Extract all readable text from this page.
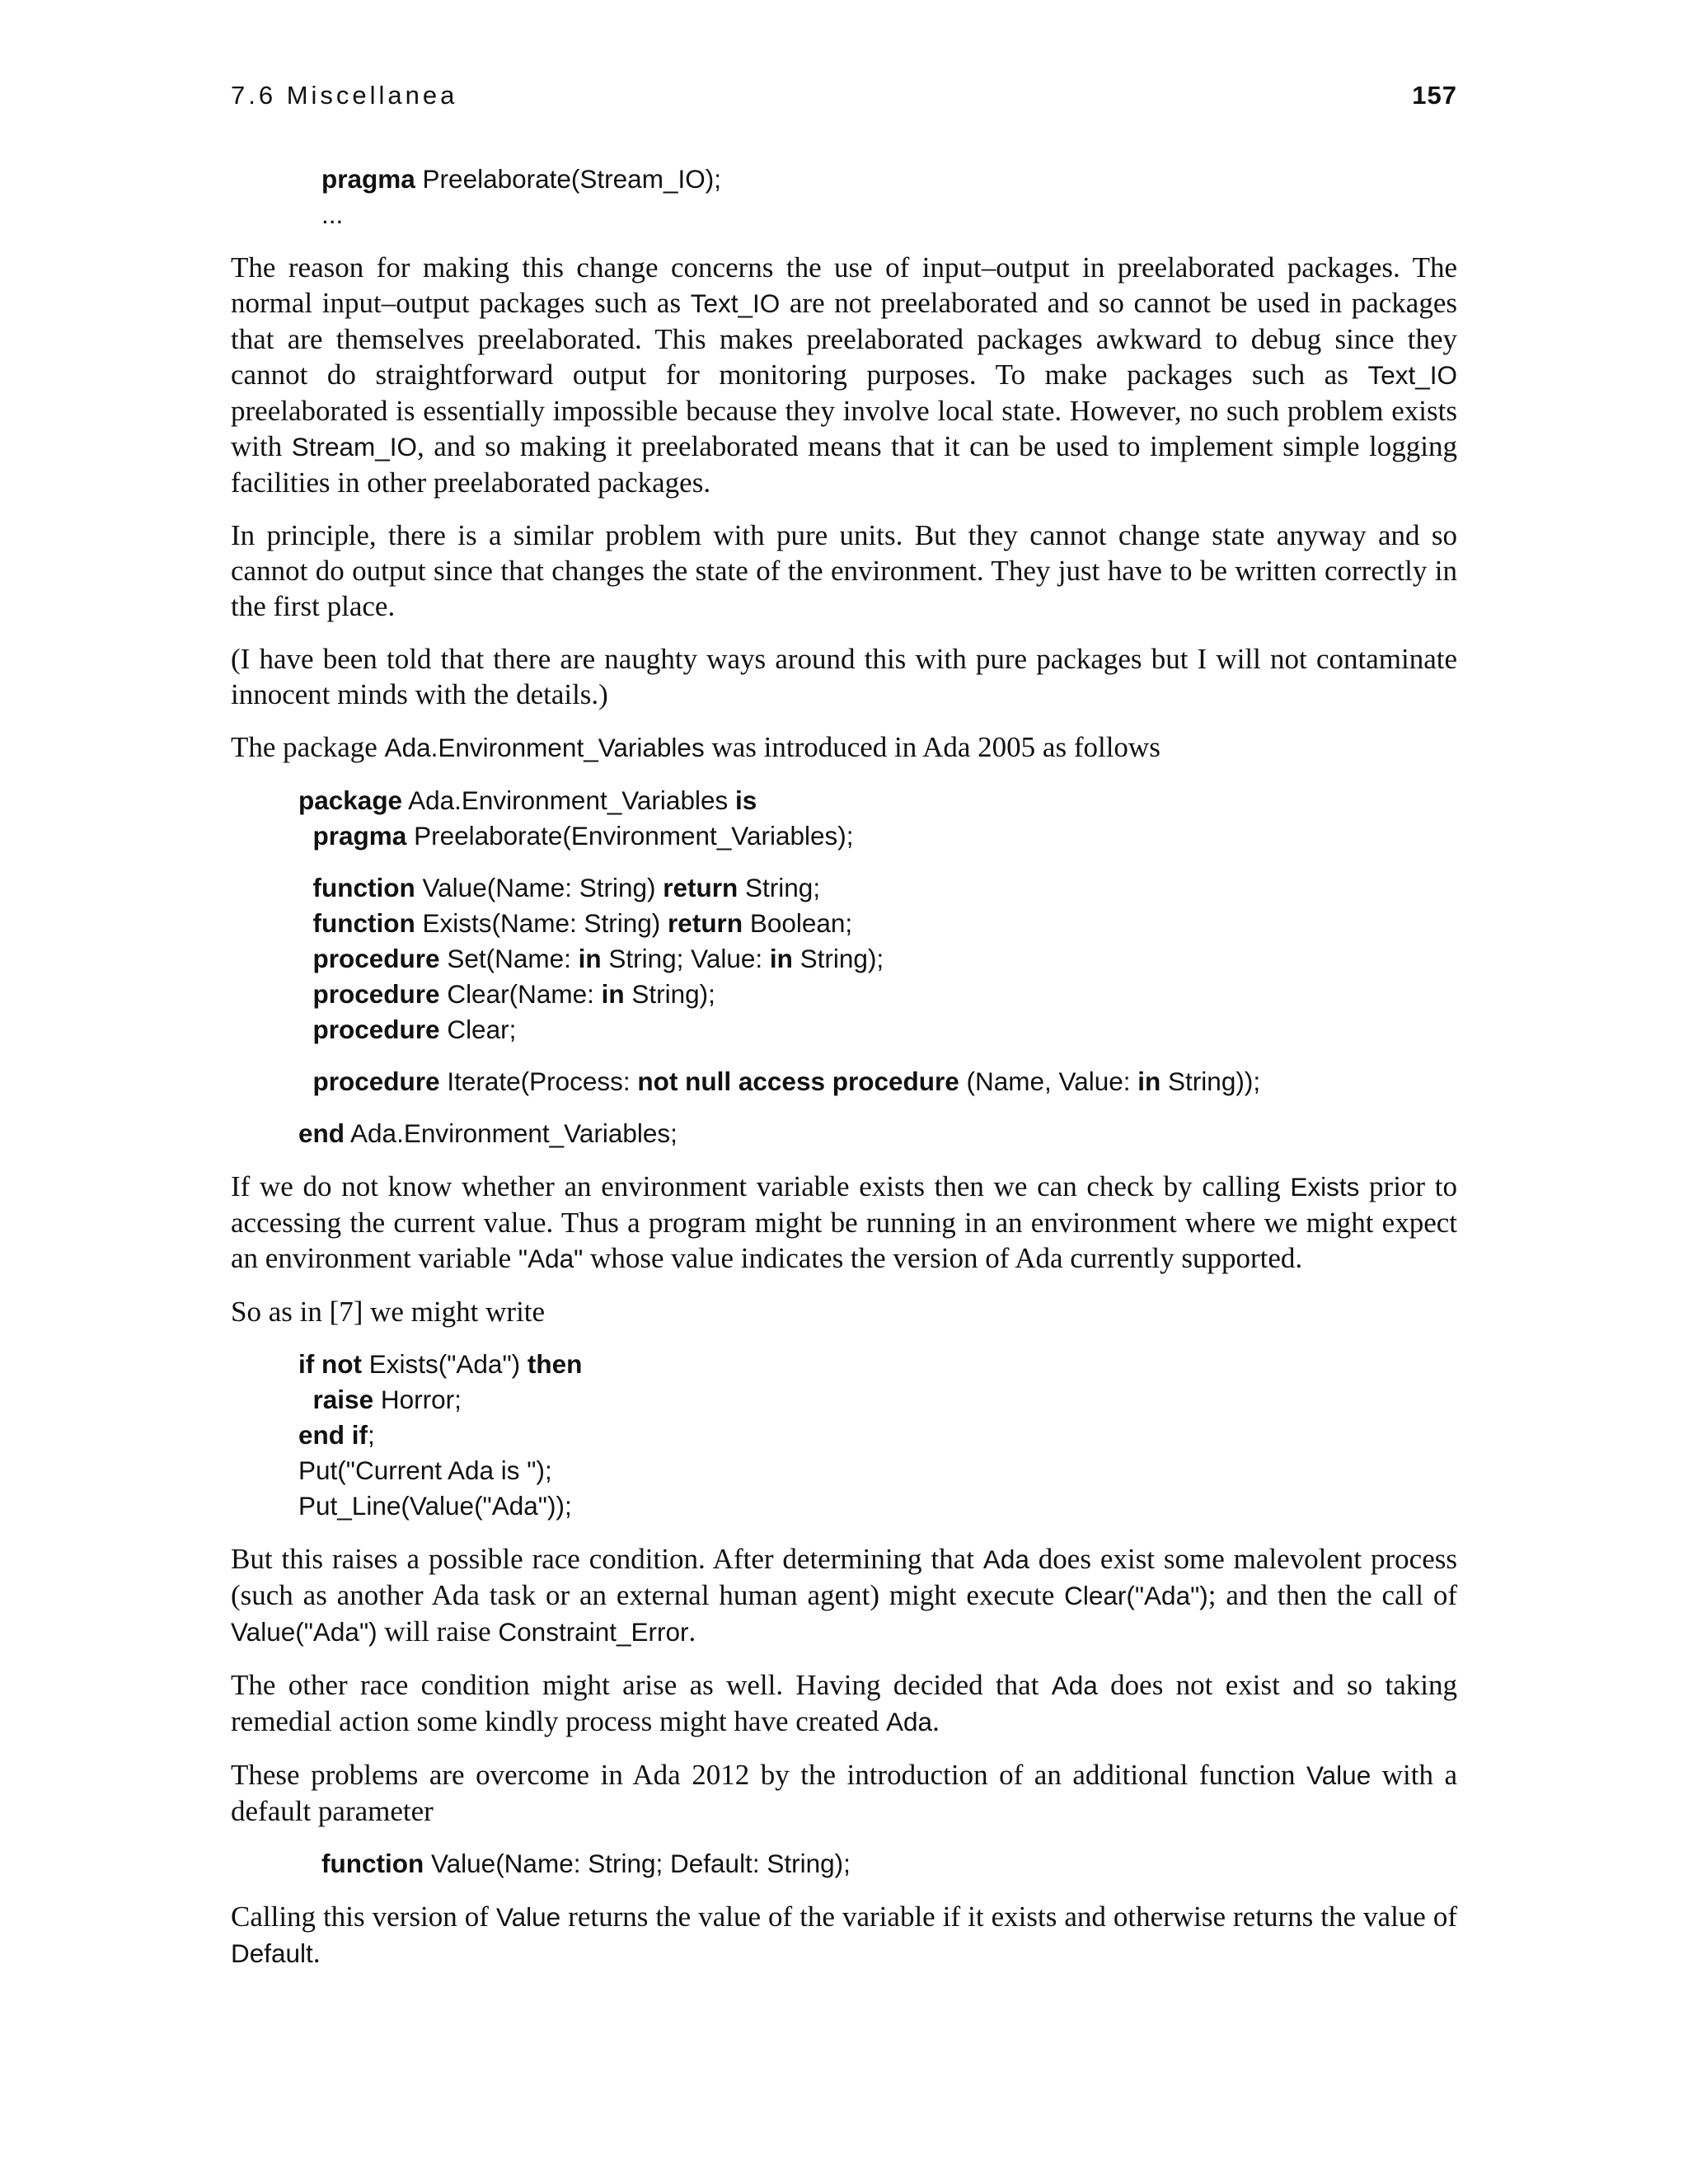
7.6 Miscellanea	157
pragma Preelaborate(Stream_IO);
...

The reason for making this change concerns the use of input–output in preelaborated packages. The normal input–output packages such as Text_IO are not preelaborated and so cannot be used in packages that are themselves preelaborated. This makes preelaborated packages awkward to debug since they cannot do straightforward output for monitoring purposes. To make packages such as Text_IO preelaborated is essentially impossible because they involve local state. However, no such problem exists with Stream_IO, and so making it preelaborated means that it can be used to implement simple logging facilities in other preelaborated packages.

In principle, there is a similar problem with pure units. But they cannot change state anyway and so cannot do output since that changes the state of the environment. They just have to be written correctly in the first place.

(I have been told that there are naughty ways around this with pure packages but I will not contaminate innocent minds with the details.)

The package Ada.Environment_Variables was introduced in Ada 2005 as follows

package Ada.Environment_Variables is
pragma Preelaborate(Environment_Variables);
function Value(Name: String) return String;
function Exists(Name: String) return Boolean;
procedure Set(Name: in String; Value: in String);
procedure Clear(Name: in String);
procedure Clear;
procedure Iterate(Process: not null access procedure (Name, Value: in String));
end Ada.Environment_Variables;

If we do not know whether an environment variable exists then we can check by calling Exists prior to accessing the current value. Thus a program might be running in an environment where we might expect an environment variable "Ada" whose value indicates the version of Ada currently supported.

So as in [7] we might write

if not Exists("Ada") then
raise Horror;
end if;
Put("Current Ada is ");
Put_Line(Value("Ada"));

But this raises a possible race condition. After determining that Ada does exist some malevolent process (such as another Ada task or an external human agent) might execute Clear("Ada"); and then the call of Value("Ada") will raise Constraint_Error.

The other race condition might arise as well. Having decided that Ada does not exist and so taking remedial action some kindly process might have created Ada.

These problems are overcome in Ada 2012 by the introduction of an additional function Value with a default parameter

function Value(Name: String; Default: String);

Calling this version of Value returns the value of the variable if it exists and otherwise returns the value of Default.
